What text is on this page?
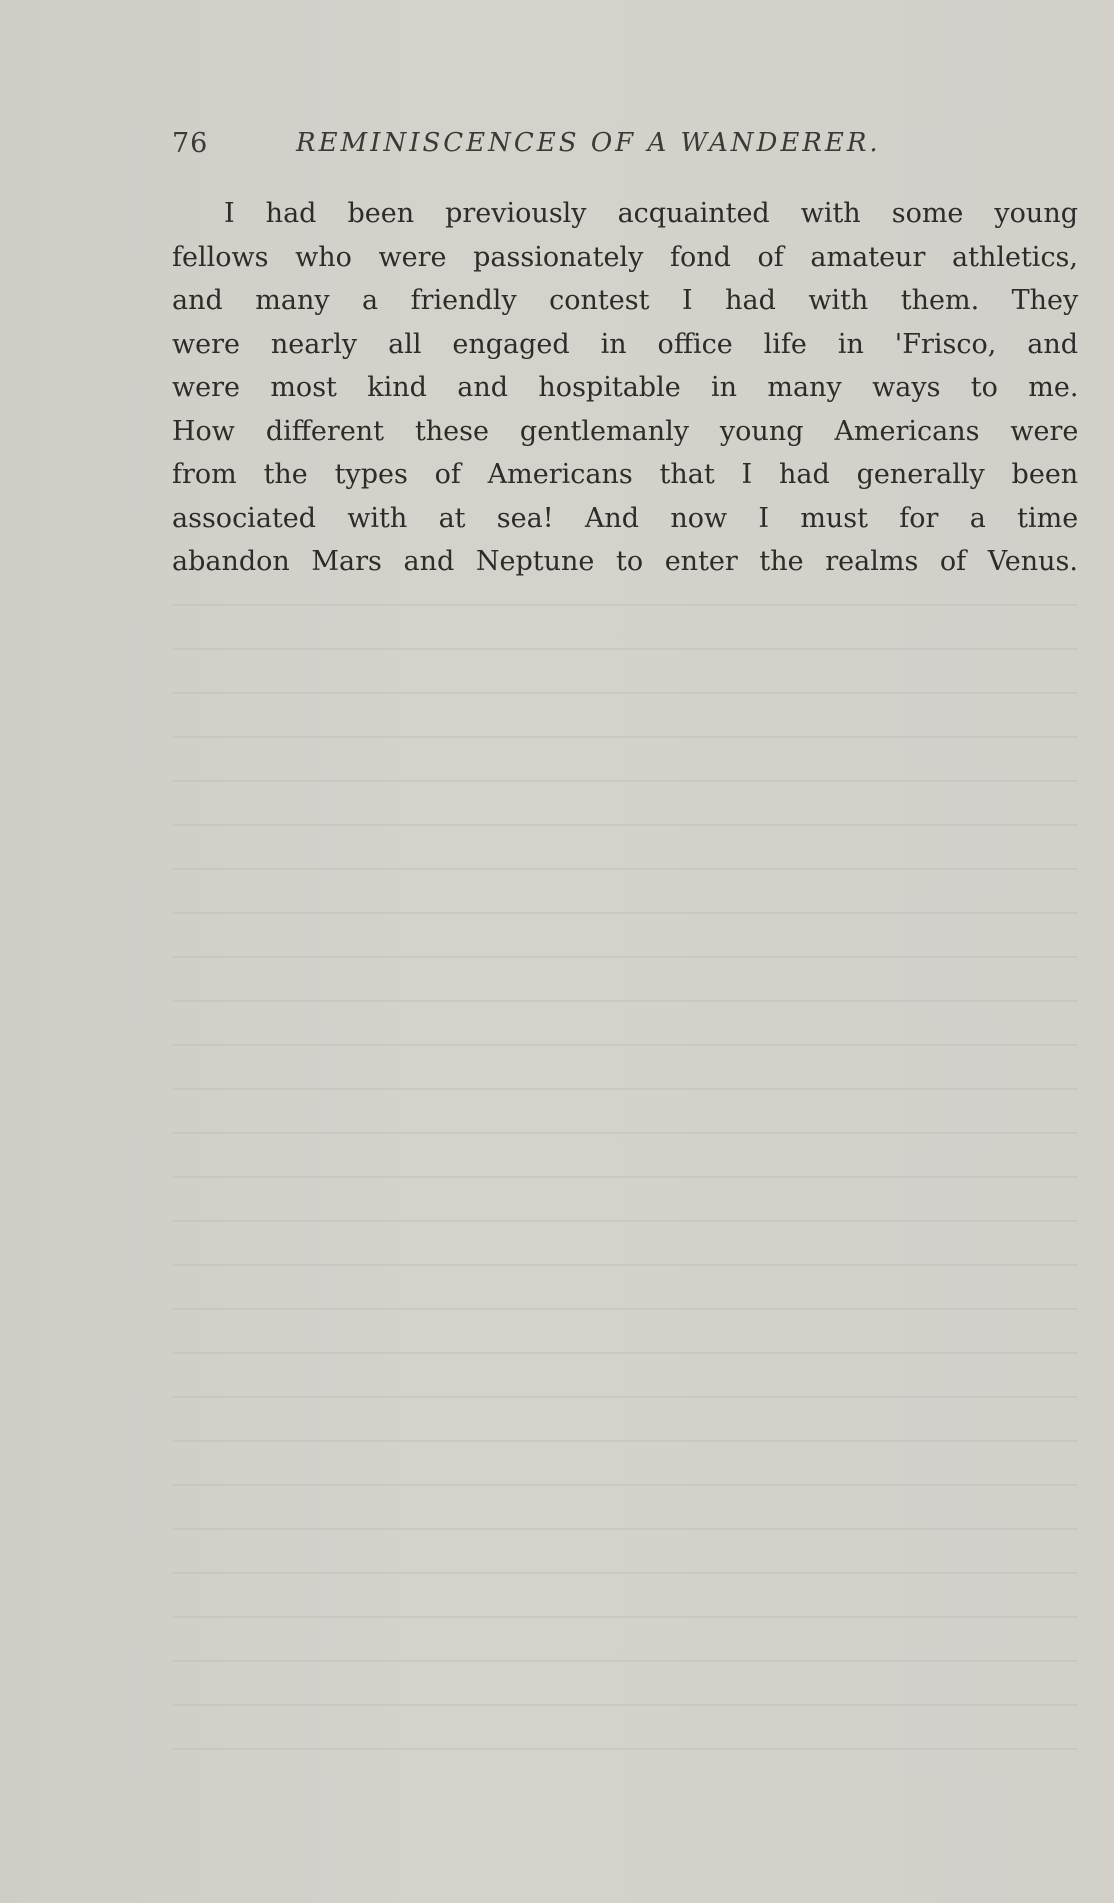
76	REMINISCENCES OF A WANDERER.

I had been previously acquainted with some young
fellows who were passionately fond of amateur athletics,
and many a friendly contest I had with them. They
were nearly all engaged in office life in 'Frisco, and
were most kind and hospitable in many ways to me.
How different these gentlemanly young Americans were
from the types of Americans that I had generally been
associated with at sea! And now I must for a time
abandon Mars and Neptune to enter the realms of Venus.
